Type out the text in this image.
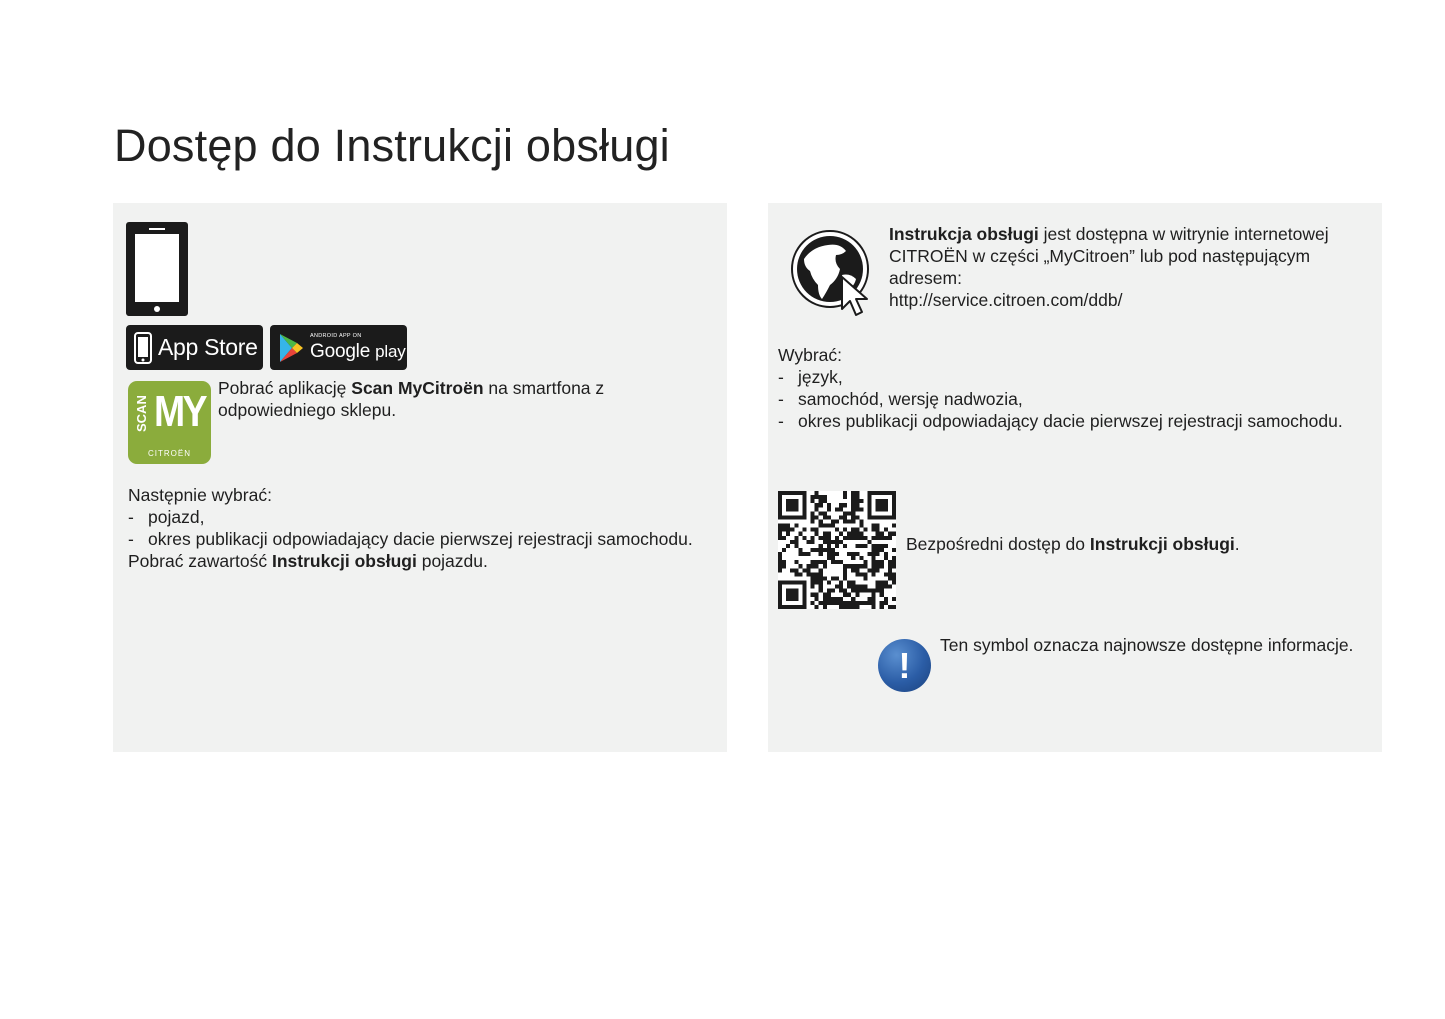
Dostęp do Instrukcji obsługi
App Store	ANDROID APP ON
Google play
SCAN MY
CITROËN
Pobrać aplikację Scan MyCitroën na smartfona z odpowiedniego sklepu.
Następnie wybrać:
- pojazd,
- okres publikacji odpowiadający dacie pierwszej rejestracji samochodu.
Pobrać zawartość Instrukcji obsługi pojazdu.
Instrukcja obsługi jest dostępna w witrynie internetowej CITROËN w części „MyCitroen” lub pod następującym adresem:
http://service.citroen.com/ddb/
Wybrać:
- język,
- samochód, wersję nadwozia,
- okres publikacji odpowiadający dacie pierwszej rejestracji samochodu.
Bezpośredni dostęp do Instrukcji obsługi.
!	Ten symbol oznacza najnowsze dostępne informacje.
